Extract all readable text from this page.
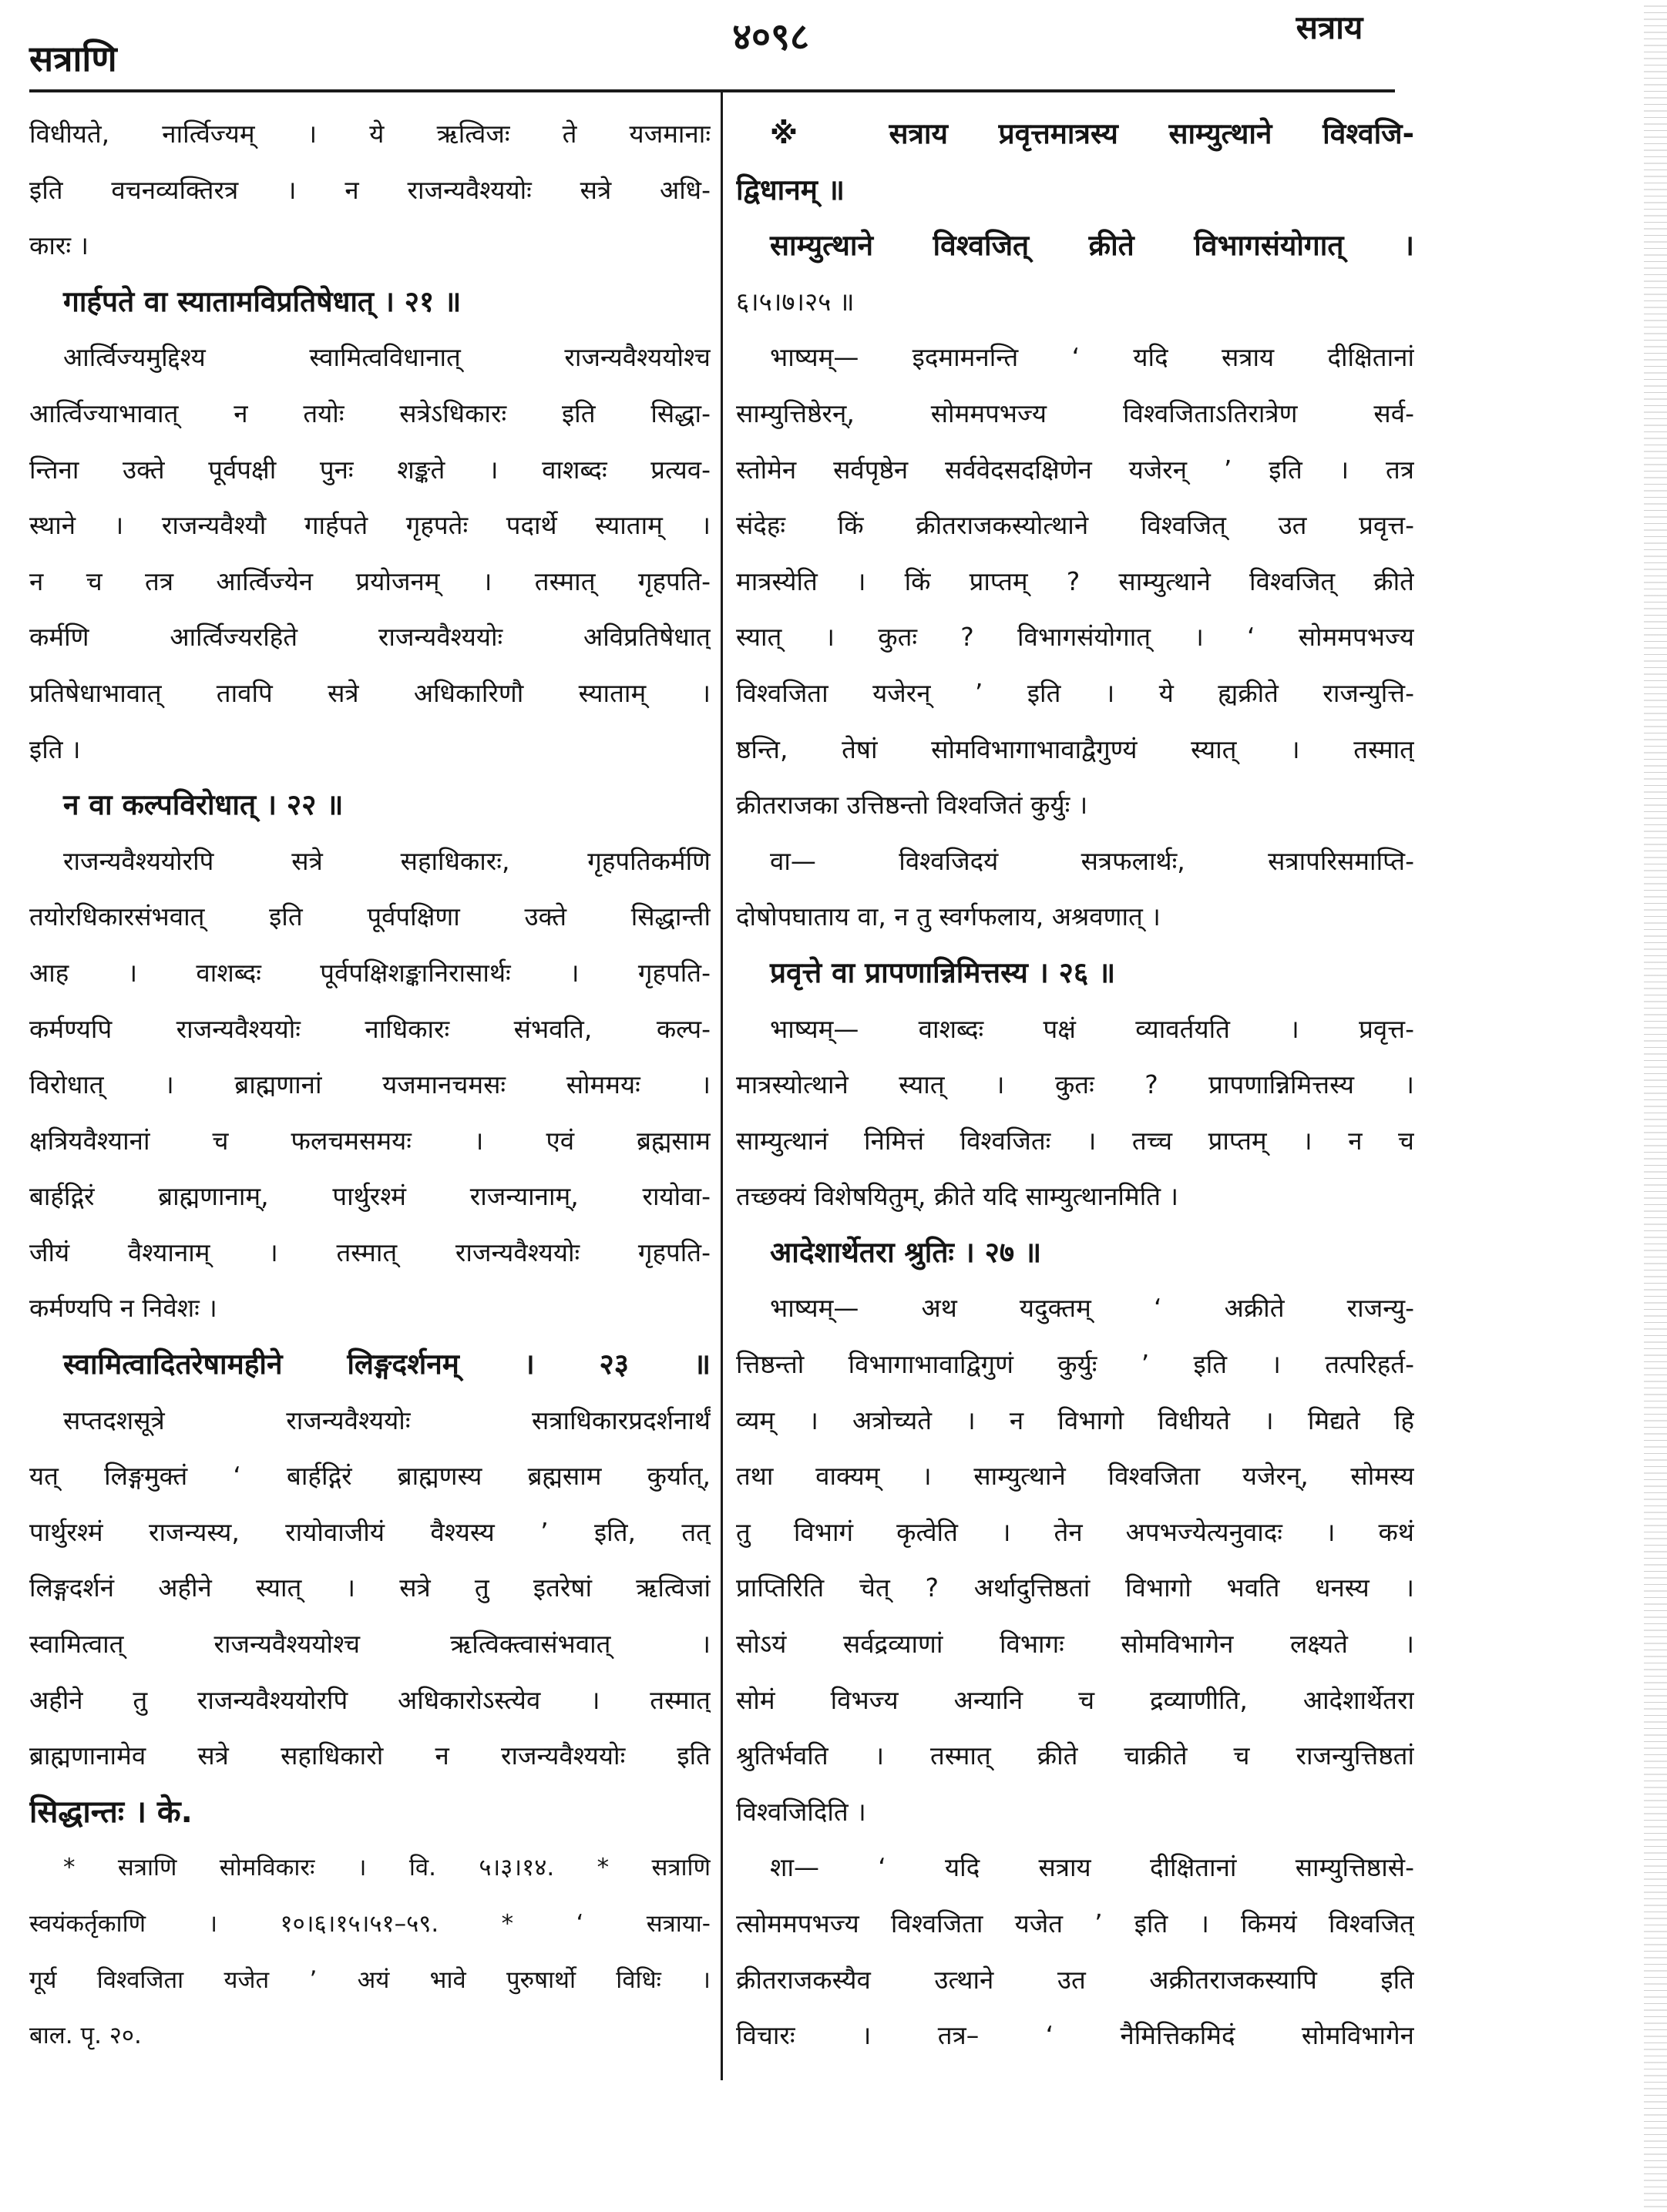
सत्राणि	४०९८	सत्राय
विधीयते, नार्त्विज्यम् । ये ऋत्विजः ते यजमानाः
इति वचनव्यक्तिरत्र । न राजन्यवैश्ययोः सत्रे अधि-
कारः ।
गार्हपते वा स्यातामविप्रतिषेधात् । २१ ॥
आर्त्विज्यमुद्दिश्य स्वामित्वविधानात् राजन्यवैश्ययोश्च
आर्त्विज्याभावात् न तयोः सत्रेऽधिकारः इति सिद्धा-
न्तिना उक्ते पूर्वपक्षी पुनः शङ्कते । वाशब्दः प्रत्यव-
स्थाने । राजन्यवैश्यौ गार्हपते गृहपतेः पदार्थे स्याताम् ।
न च तत्र आर्त्विज्येन प्रयोजनम् । तस्मात् गृहपति-
कर्मणि आर्त्विज्यरहिते राजन्यवैश्ययोः अविप्रतिषेधात्
प्रतिषेधाभावात् तावपि सत्रे अधिकारिणौ स्याताम् ।
इति ।
न वा कल्पविरोधात् । २२ ॥
राजन्यवैश्ययोरपि सत्रे सहाधिकारः, गृहपतिकर्मणि
तयोरधिकारसंभवात् इति पूर्वपक्षिणा उक्ते सिद्धान्ती
आह । वाशब्दः पूर्वपक्षिशङ्कानिरासार्थः । गृहपति-
कर्मण्यपि राजन्यवैश्ययोः नाधिकारः संभवति, कल्प-
विरोधात् । ब्राह्मणानां यजमानचमसः सोममयः ।
क्षत्रियवैश्यानां च फलचमसमयः । एवं ब्रह्मसाम
बार्हद्गिरं ब्राह्मणानाम्, पार्थुरश्मं राजन्यानाम्, रायोवा-
जीयं वैश्यानाम् । तस्मात् राजन्यवैश्ययोः गृहपति-
कर्मण्यपि न निवेशः ।
स्वामित्वादितरेषामहीने लिङ्गदर्शनम् । २३ ॥
सप्तदशसूत्रे राजन्यवैश्ययोः सत्राधिकारप्रदर्शनार्थं
यत् लिङ्गमुक्तं ‘ बार्हद्गिरं ब्राह्मणस्य ब्रह्मसाम कुर्यात्,
पार्थुरश्मं राजन्यस्य, रायोवाजीयं वैश्यस्य ’ इति, तत्
लिङ्गदर्शनं अहीने स्यात् । सत्रे तु इतरेषां ऋत्विजां
स्वामित्वात् राजन्यवैश्ययोश्च ऋत्विक्त्वासंभवात् ।
अहीने तु राजन्यवैश्ययोरपि अधिकारोऽस्त्येव । तस्मात्
ब्राह्मणानामेव सत्रे सहाधिकारो न राजन्यवैश्ययोः इति
सिद्धान्तः । के.
* सत्राणि सोमविकारः । वि. ५।३।१४. * सत्राणि
स्वयंकर्तृकाणि । १०।६।१५।५१–५९. * ‘ सत्राया-
गूर्य विश्वजिता यजेत ’ अयं भावे पुरुषार्थो विधिः ।
बाल. पृ. २०.
※ सत्राय प्रवृत्तमात्रस्य साम्युत्थाने विश्वजि-
द्विधानम् ॥
साम्युत्थाने विश्वजित् क्रीते विभागसंयोगात् ।
६।५।७।२५ ॥
भाष्यम्— इदमामनन्ति ‘ यदि सत्राय दीक्षितानां
साम्युत्तिष्ठेरन्, सोममपभज्य विश्वजिताऽतिरात्रेण सर्व-
स्तोमेन सर्वपृष्ठेन सर्ववेदसदक्षिणेन यजेरन् ’ इति । तत्र
संदेहः किं क्रीतराजकस्योत्थाने विश्वजित् उत प्रवृत्त-
मात्रस्येति । किं प्राप्तम् ? साम्युत्थाने विश्वजित् क्रीते
स्यात् । कुतः ? विभागसंयोगात् । ‘ सोममपभज्य
विश्वजिता यजेरन् ’ इति । ये ह्यक्रीते राजन्युत्ति-
ष्ठन्ति, तेषां सोमविभागाभावाद्वैगुण्यं स्यात् । तस्मात्
क्रीतराजका उत्तिष्ठन्तो विश्वजितं कुर्युः ।
वा— विश्वजिदयं सत्रफलार्थः, सत्रापरिसमाप्ति-
दोषोपघाताय वा, न तु स्वर्गफलाय, अश्रवणात् ।
प्रवृत्ते वा प्रापणान्निमित्तस्य । २६ ॥
भाष्यम्— वाशब्दः पक्षं व्यावर्तयति । प्रवृत्त-
मात्रस्योत्थाने स्यात् । कुतः ? प्रापणान्निमित्तस्य ।
साम्युत्थानं निमित्तं विश्वजितः । तच्च प्राप्तम् । न च
तच्छक्यं विशेषयितुम्, क्रीते यदि साम्युत्थानमिति ।
आदेशार्थेतरा श्रुतिः । २७ ॥
भाष्यम्— अथ यदुक्तम् ‘ अक्रीते राजन्यु-
त्तिष्ठन्तो विभागाभावाद्विगुणं कुर्युः ’ इति । तत्परिहर्त-
व्यम् । अत्रोच्यते । न विभागो विधीयते । मिद्यते हि
तथा वाक्यम् । साम्युत्थाने विश्वजिता यजेरन्, सोमस्य
तु विभागं कृत्वेति । तेन अपभज्येत्यनुवादः । कथं
प्राप्तिरिति चेत् ? अर्थादुत्तिष्ठतां विभागो भवति धनस्य ।
सोऽयं सर्वद्रव्याणां विभागः सोमविभागेन लक्ष्यते ।
सोमं विभज्य अन्यानि च द्रव्याणीति, आदेशार्थेतरा
श्रुतिर्भवति । तस्मात् क्रीते चाक्रीते च राजन्युत्तिष्ठतां
विश्वजिदिति ।
शा— ‘ यदि सत्राय दीक्षितानां साम्युत्तिष्ठासे-
त्सोममपभज्य विश्वजिता यजेत ’ इति । किमयं विश्वजित्
क्रीतराजकस्यैव उत्थाने उत अक्रीतराजकस्यापि इति
विचारः । तत्र– ‘ नैमित्तिकमिदं सोमविभागेन
